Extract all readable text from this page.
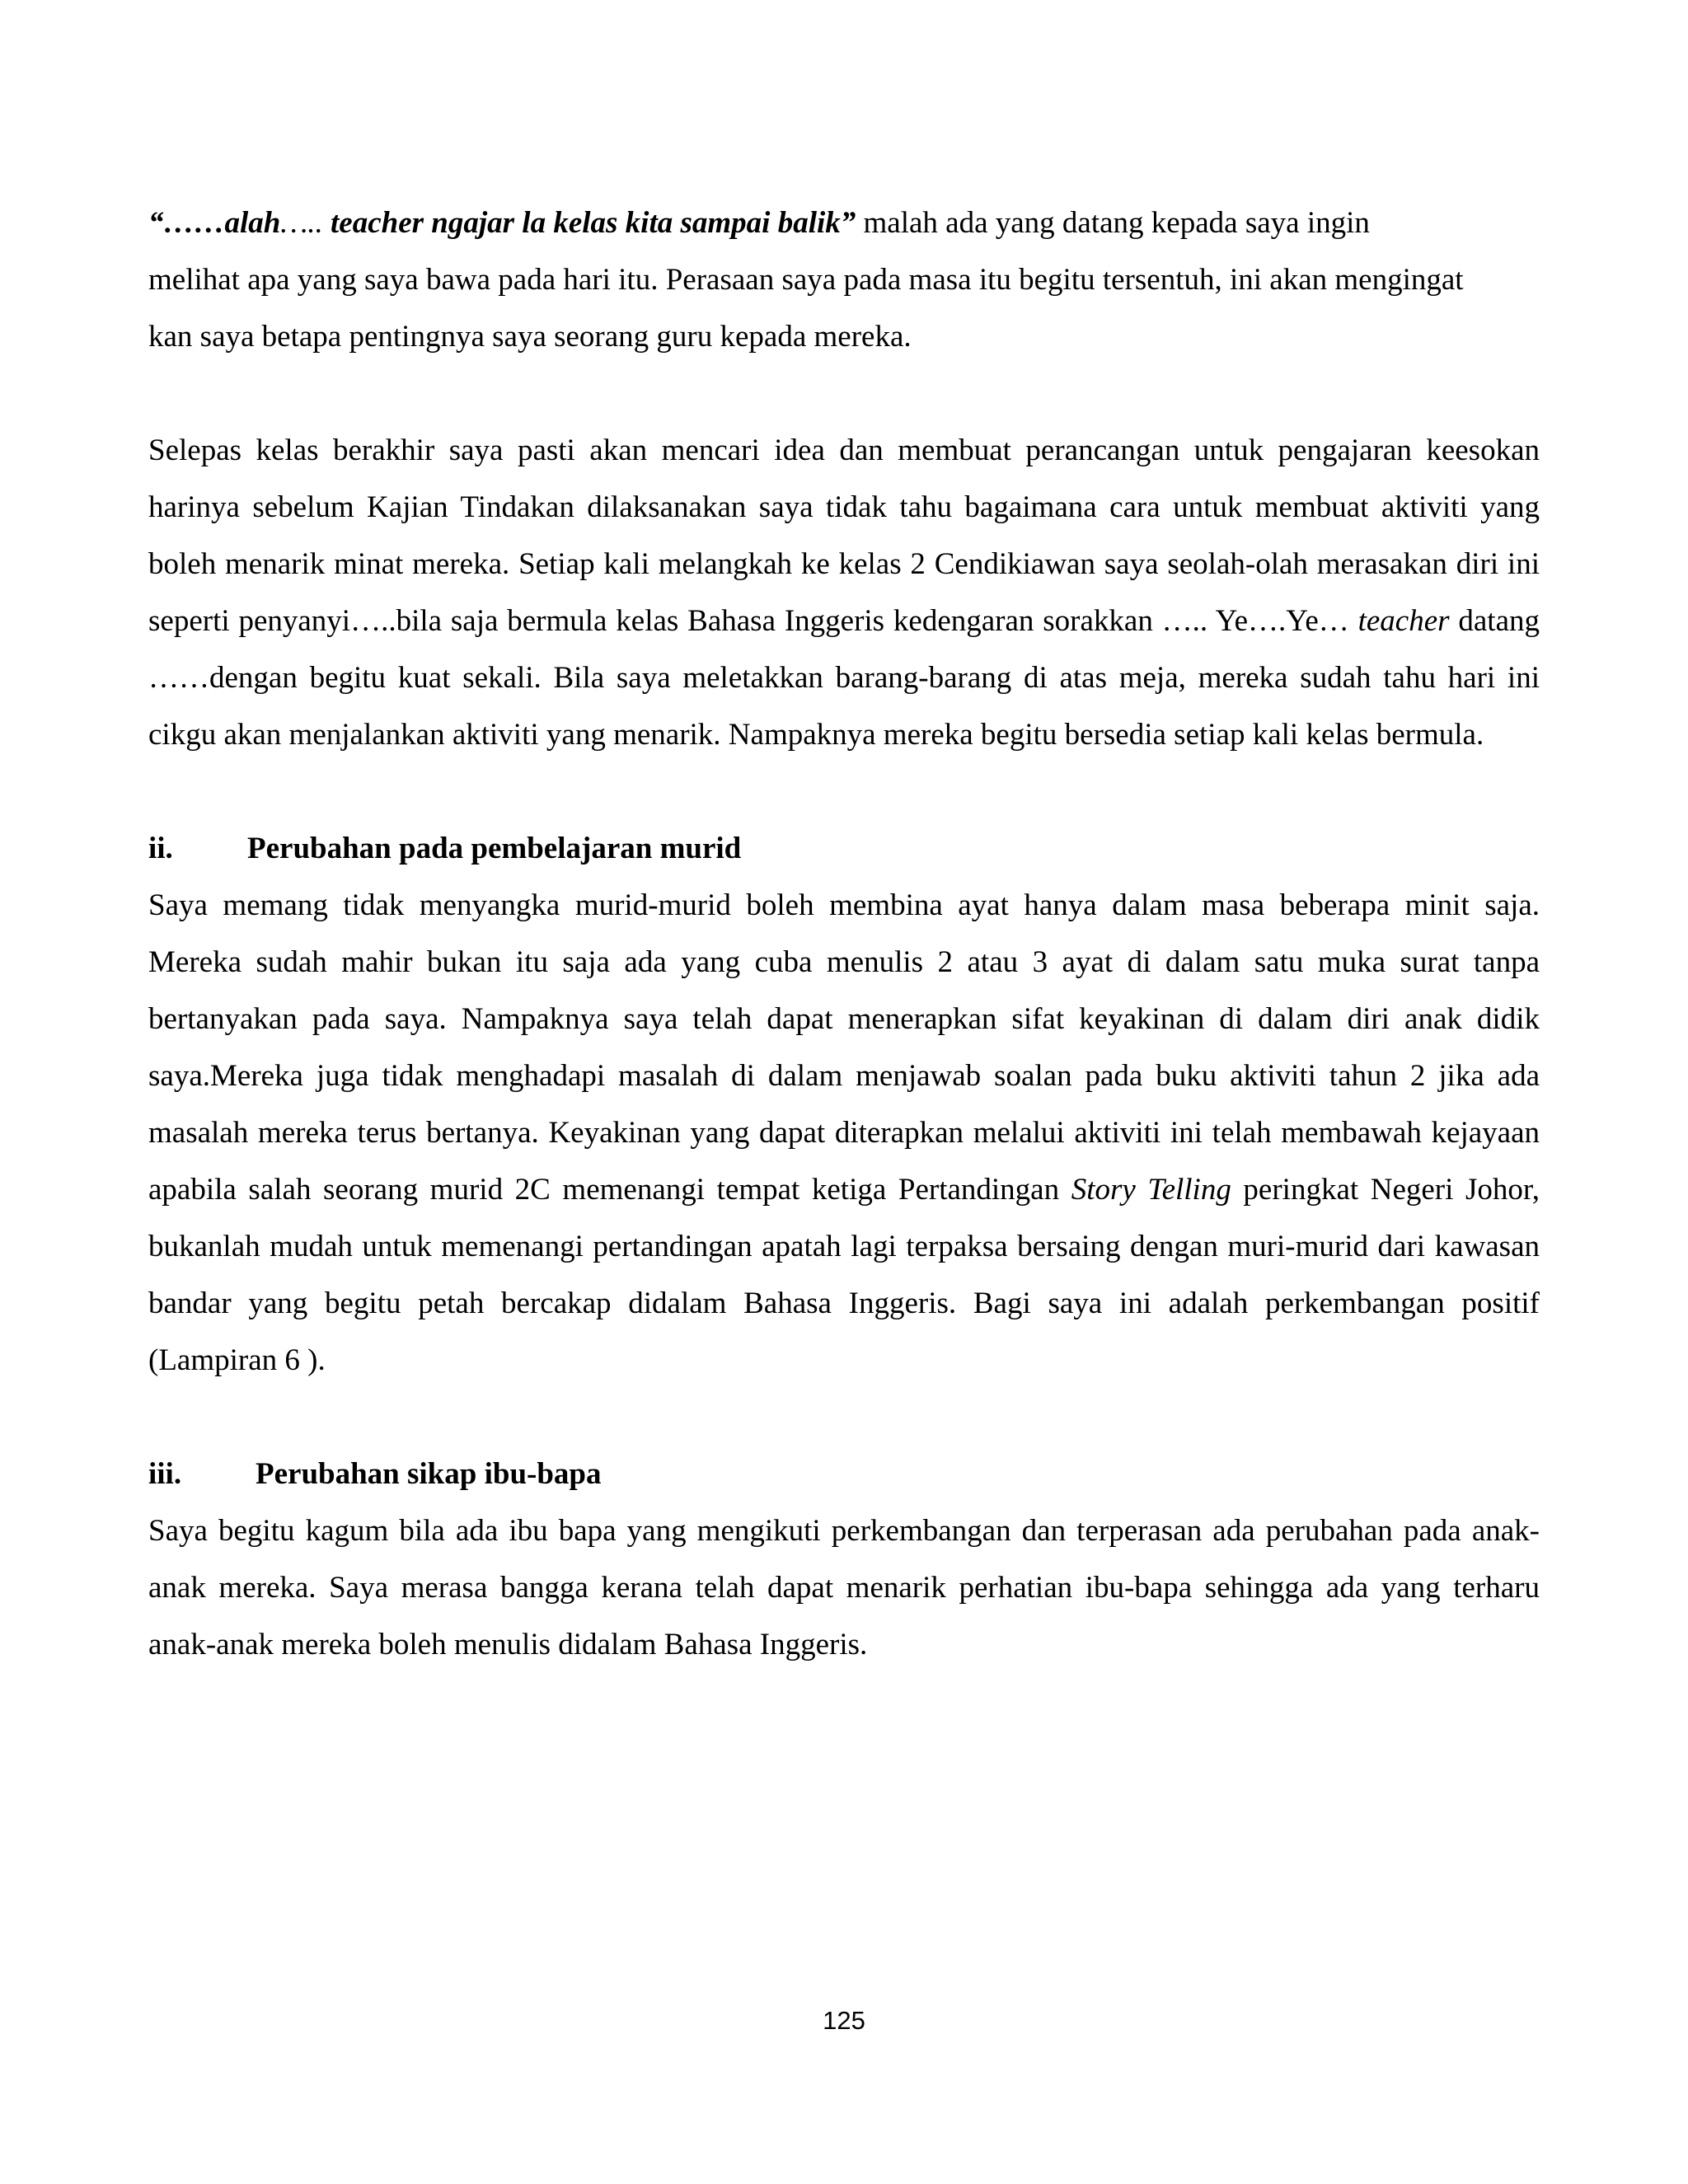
“……alah….. teacher ngajar la kelas kita sampai balik” malah ada yang datang kepada saya ingin melihat apa yang saya bawa pada hari itu. Perasaan saya pada masa itu begitu tersentuh, ini akan mengingat kan saya betapa pentingnya saya seorang guru kepada mereka.

Selepas kelas berakhir saya pasti akan mencari idea dan membuat perancangan untuk pengajaran keesokan harinya sebelum Kajian Tindakan dilaksanakan saya tidak tahu bagaimana cara untuk membuat aktiviti yang boleh menarik minat mereka. Setiap kali melangkah ke kelas 2 Cendikiawan saya seolah-olah merasakan diri ini seperti penyanyi…..bila saja bermula kelas Bahasa Inggeris kedengaran sorakkan ….. Ye….Ye… teacher datang ……dengan begitu kuat sekali. Bila saya meletakkan barang-barang di atas meja, mereka sudah tahu hari ini cikgu akan menjalankan aktiviti yang menarik. Nampaknya mereka begitu bersedia setiap kali kelas bermula.

ii.	Perubahan pada pembelajaran murid

Saya memang tidak menyangka murid-murid boleh membina ayat hanya dalam masa beberapa minit saja. Mereka sudah mahir bukan itu saja ada yang cuba menulis 2 atau 3 ayat di dalam satu muka surat tanpa bertanyakan pada saya. Nampaknya saya telah dapat menerapkan sifat keyakinan di dalam diri anak didik saya.Mereka juga tidak menghadapi masalah di dalam menjawab soalan pada buku aktiviti tahun 2 jika ada masalah mereka terus bertanya. Keyakinan yang dapat diterapkan melalui aktiviti ini telah membawah kejayaan apabila salah seorang murid 2C memenangi tempat ketiga Pertandingan Story Telling peringkat Negeri Johor, bukanlah mudah untuk memenangi pertandingan apatah lagi terpaksa bersaing dengan muri-murid dari kawasan bandar yang begitu petah bercakap didalam Bahasa Inggeris. Bagi saya ini adalah perkembangan positif (Lampiran 6 ).

iii.	Perubahan sikap ibu-bapa

Saya begitu kagum bila ada ibu bapa yang mengikuti perkembangan dan terperasan ada perubahan pada anak-anak mereka. Saya merasa bangga kerana telah dapat menarik perhatian ibu-bapa sehingga ada yang terharu anak-anak mereka boleh menulis didalam Bahasa Inggeris.

125
